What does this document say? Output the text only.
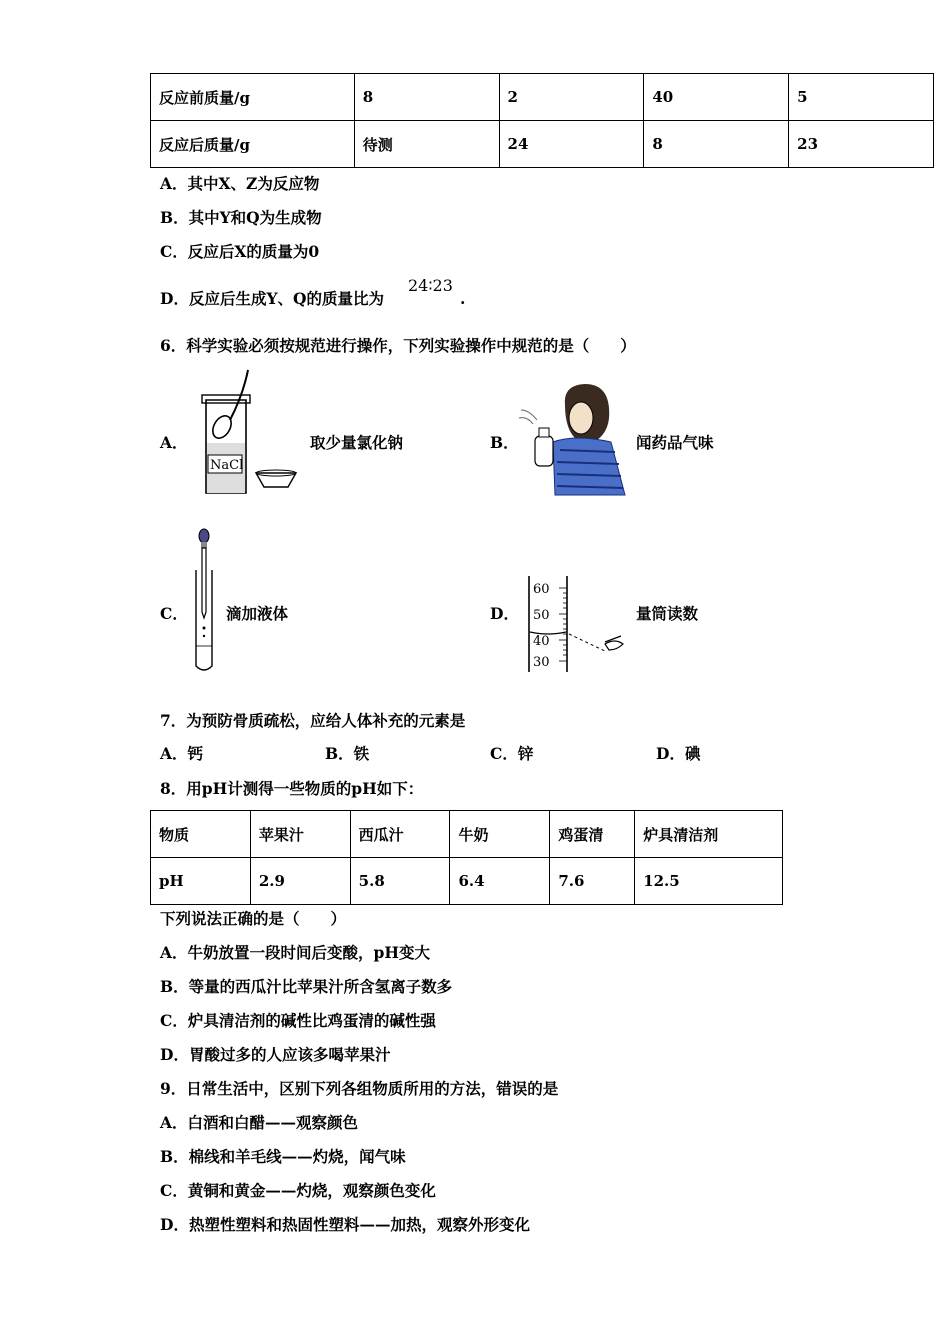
反应前质量/g	8	2	40	5
反应后质量/g	待测	24	8	23
A．其中X、Z为反应物
B．其中Y和Q为生成物
C．反应后X的质量为0
D．反应后生成Y、Q的质量比为
24∶23
.
6．科学实验必须按规范进行操作，下列实验操作中规范的是（　　）
A．
NaCl
取少量氯化钠	B．	闻药品气味
C． 滴加液体	D．
60
50
40
30
量筒读数
7．为预防骨质疏松，应给人体补充的元素是
A．钙	B．铁	C．锌	D．碘
8．用pH计测得一些物质的pH如下：
物质	苹果汁	西瓜汁	牛奶	鸡蛋清	炉具清洁剂
pH	2.9	5.8	6.4	7.6	12.5
下列说法正确的是（　　）
A．牛奶放置一段时间后变酸，pH变大
B．等量的西瓜汁比苹果汁所含氢离子数多
C．炉具清洁剂的碱性比鸡蛋清的碱性强
D．胃酸过多的人应该多喝苹果汁
9．日常生活中，区别下列各组物质所用的方法，错误的是
A．白酒和白醋——观察颜色
B．棉线和羊毛线——灼烧，闻气味
C．黄铜和黄金——灼烧，观察颜色变化
D．热塑性塑料和热固性塑料——加热，观察外形变化
